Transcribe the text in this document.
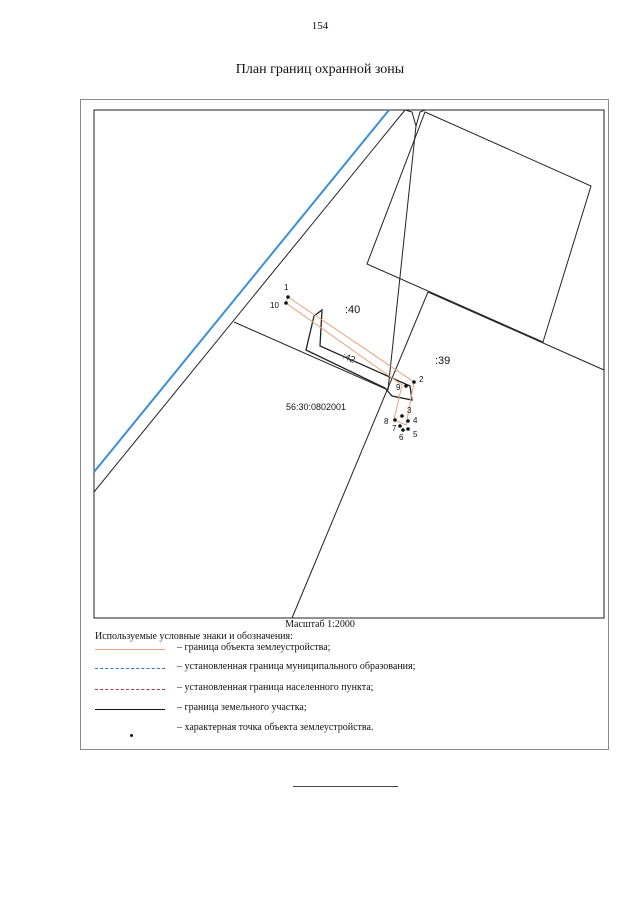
154
План границ охранной зоны
1
10
2
9
3
4
5
6
7
8
:40
:39
:42
56:30:0802001
Масштаб 1:2000
Используемые условные знаки и обозначения:
– граница объекта землеустройства;
– установленная граница муниципального образования;
– установленная граница населенного пункта;
– граница земельного участка;
– характерная точка объекта землеустройства.
